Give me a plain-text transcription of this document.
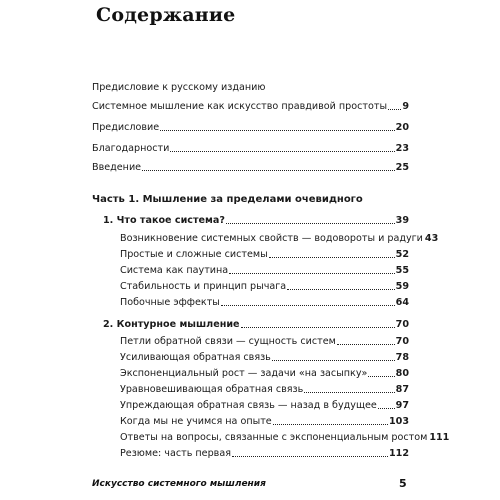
Содержание
Предисловие к русскому изданию
Системное мышление как искусство правдивой простоты 9
Предисловие	20
Благодарности	23
Введение	25
Часть 1. Мышление за пределами очевидного
1. Что такое система?	39
Возникновение системных свойств — водовороты и радуги 43
Простые и сложные системы	52
Система как паутина	55
Стабильность и принцип рычага	59
Побочные эффекты	64
2. Контурное мышление	70
Петли обратной связи — сущность систем	70
Усиливающая обратная связь	78
Экспоненциальный рост — задачи «на засыпку»	80
Уравновешивающая обратная связь	87
Упреждающая обратная связь — назад в будущее 97
Когда мы не учимся на опыте	103
Ответы на вопросы, связанные с экспоненциальным ростом 111
Резюме: часть первая	112
Искусство системного мышления	5
